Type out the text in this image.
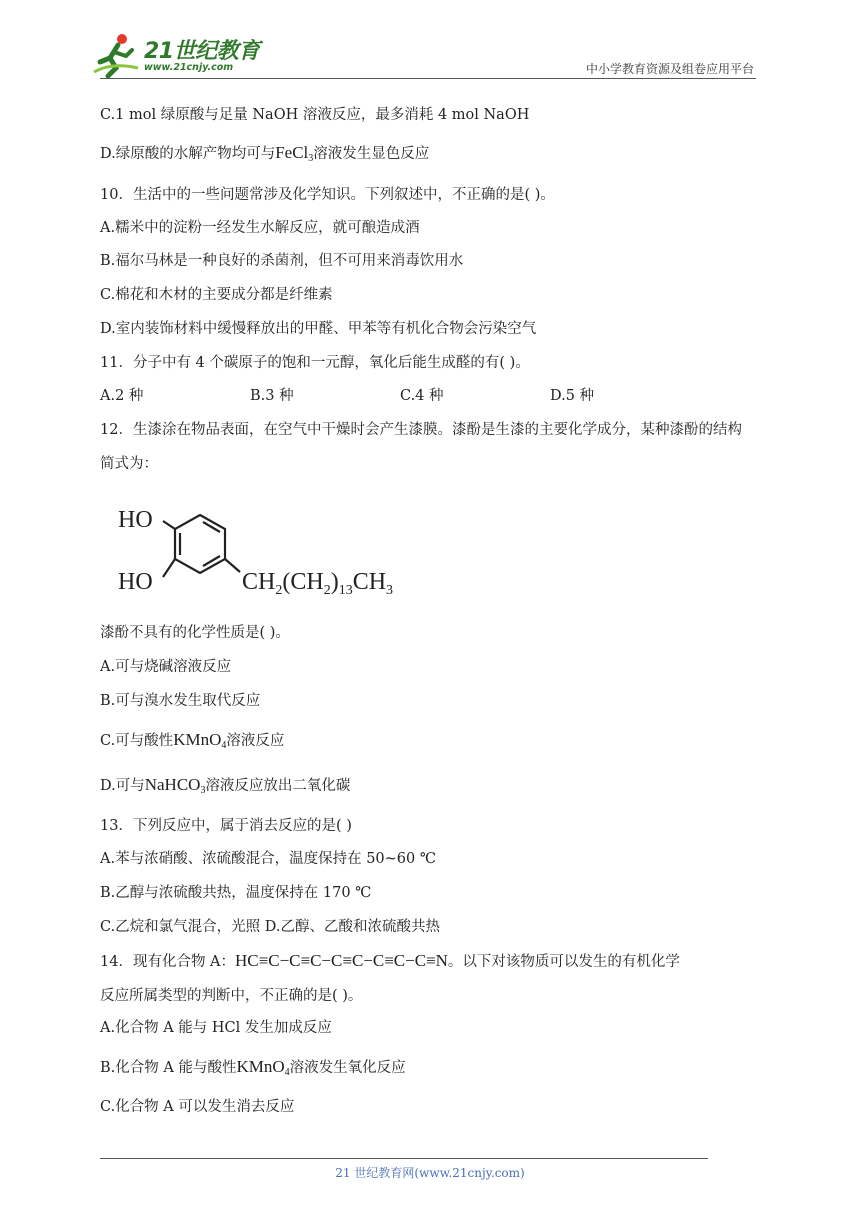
21世纪教育
www.21cnjy.com	中小学教育资源及组卷应用平台
C.1 mol 绿原酸与足量 NaOH 溶液反应，最多消耗 4 mol NaOH
D.绿原酸的水解产物均可与FeCl$_3$溶液发生显色反应
10．生活中的一些问题常涉及化学知识。下列叙述中，不正确的是( )。
A.糯米中的淀粉一经发生水解反应，就可酿造成酒
B.福尔马林是一种良好的杀菌剂，但不可用来消毒饮用水
C.棉花和木材的主要成分都是纤维素
D.室内装饰材料中缓慢释放出的甲醛、甲苯等有机化合物会污染空气
11．分子中有 4 个碳原子的饱和一元醇，氧化后能生成醛的有( )。
A.2 种	B.3 种	C.4 种	D.5 种
12．生漆涂在物品表面，在空气中干燥时会产生漆膜。漆酚是生漆的主要化学成分，某种漆酚的结构
简式为：
HO
HO	$CH_2(CH_2)_{13}CH_3$
漆酚不具有的化学性质是( )。
A.可与烧碱溶液反应
B.可与溴水发生取代反应
C.可与酸性KMnO$_4$溶液反应
D.可与NaHCO$_3$溶液反应放出二氧化碳
13．下列反应中，属于消去反应的是( )
A.苯与浓硝酸、浓硫酸混合，温度保持在 50~60 ℃
B.乙醇与浓硫酸共热，温度保持在 170 ℃
C.乙烷和氯气混合，光照 D.乙醇、乙酸和浓硫酸共热
14．现有化合物 A：HC≡C−C≡C−C≡C−C≡C−C≡N。以下对该物质可以发生的有机化学
反应所属类型的判断中，不正确的是( )。
A.化合物 A 能与 HCl 发生加成反应
B.化合物 A 能与酸性KMnO$_4$溶液发生氧化反应
C.化合物 A 可以发生消去反应
21 世纪教育网(www.21cnjy.com)
